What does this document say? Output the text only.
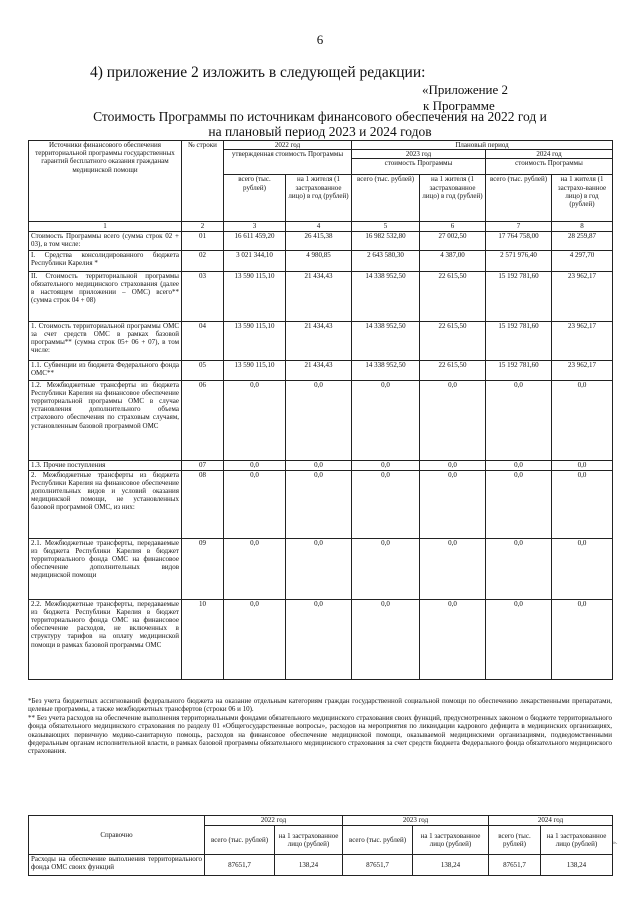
6
4) приложение 2 изложить в следующей редакции:
«Приложение 2
к Программе
Стоимость Программы по источникам финансового обеспечения на 2022 год и
на плановый период 2023 и 2024 годов
Источники финансового обеспечения территориальной программы государственных гарантий бесплатного оказания гражданам медицинской помощи	№ строки	2022 год		Плановый период			
		утвержденная стоимость Программы		2023 год		2024 год	
				стоимость Программы		стоимость Программы	
		всего (тыс. рублей)	на 1 жителя (1 застрахованное лицо) в год (рублей)	всего (тыс. рублей)	на 1 жителя (1 застрахованное лицо) в год (рублей)	всего (тыс. рублей)	на 1 жителя (1 застрахо-ванное лицо) в год (рублей)
1	2	3	4	5	6	7	8
Стоимость Программы всего (сумма строк 02 + 03), в том числе:	01	16 611 459,20	26 415,38	16 982 532,80	27 002,50	17 764 758,00	28 259,87
I. Средства консолидированного бюджета Республики Карелия *	02	3 021 344,10	4 980,85	2 643 580,30	4 387,00	2 571 976,40	4 297,70
II. Стоимость территориальной программы обязательного медицинского страхования (далее в настоящем приложении – ОМС) всего** (сумма строк 04 + 08)	03	13 590 115,10	21 434,43	14 338 952,50	22 615,50	15 192 781,60	23 962,17
1. Стоимость территориальной программы ОМС за счет средств ОМС в рамках базовой программы** (сумма строк 05+ 06 + 07), в том числе:	04	13 590 115,10	21 434,43	14 338 952,50	22 615,50	15 192 781,60	23 962,17
1.1. Субвенции из бюджета Федерального фонда ОМС**	05	13 590 115,10	21 434,43	14 338 952,50	22 615,50	15 192 781,60	23 962,17
1.2. Межбюджетные трансферты из бюджета Республики Карелия на финансовое обеспечение территориальной программы ОМС в случае установления дополнительного объема страхового обеспечения по страховым случаям, установленным базовой программой ОМС	06	0,0	0,0	0,0	0,0	0,0	0,0
1.3. Прочие поступления	07	0,0	0,0	0,0	0,0	0,0	0,0
2. Межбюджетные трансферты из бюджета Республики Карелия на финансовое обеспечение дополнительных видов и условий оказания медицинской помощи, не установленных базовой программой ОМС, из них:	08	0,0	0,0	0,0	0,0	0,0	0,0
2.1. Межбюджетные трансферты, передаваемые из бюджета Республики Карелия в бюджет территориального фонда ОМС на финансовое обеспечение дополнительных видов медицинской помощи	09	0,0	0,0	0,0	0,0	0,0	0,0
2.2. Межбюджетные трансферты, передаваемые из бюджета Республики Карелия в бюджет территориального фонда ОМС на финансовое обеспечение расходов, не включенных в структуру тарифов на оплату медицинской помощи в рамках базовой программы ОМС	10	0,0	0,0	0,0	0,0	0,0	0,0

*Без учета бюджетных ассигнований федерального бюджета на оказание отдельным категориям граждан государственной социальной помощи по обеспечению лекарственными препаратами, целевые программы, а также межбюджетных трансфертов (строки 06 и 10).

** Без учета расходов на обеспечение выполнения территориальными фондами обязательного медицинского страхования своих функций, предусмотренных законом о бюджете территориального фонда обязательного медицинского страхования по разделу 01 «Общегосударственные вопросы», расходов на мероприятия по ликвидации кадрового дефицита в медицинских организациях, оказывающих первичную медико-санитарную помощь, расходов на финансовое обеспечение медицинской помощи, оказываемой медицинскими организациями, подведомственными федеральным органам исполнительной власти, в рамках базовой программы обязательного медицинского страхования за счет средств бюджета Федерального фонда обязательного медицинского страхования.

Справочно	2022 год		2023 год		2024 год	
	всего (тыс. рублей)	на 1 застрахованное лицо (рублей)	всего (тыс. рублей)	на 1 застрахованное лицо (рублей)	всего (тыс. рублей)	на 1 застрахованное лицо (рублей)
Расходы на обеспечение выполнения территориального фонда ОМС своих функций	87651,7	138,24	87651,7	138,24	87651,7	138,24
».
